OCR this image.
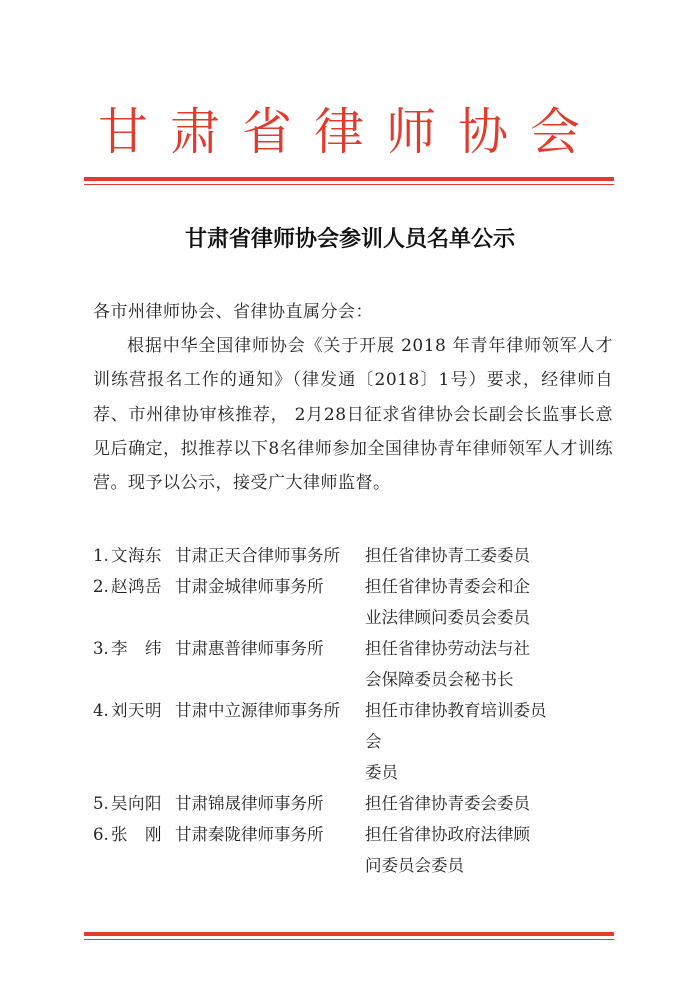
甘肃省律师协会
甘肃省律师协会参训人员名单公示
各市州律师协会、省律协直属分会：
根据中华全国律师协会《关于开展 2018 年青年律师领军人才训练营报名工作的通知》（律发通〔2018〕1号）要求，经律师自荐、市州律协审核推荐， 2月28日征求省律协会长副会长监事长意见后确定，拟推荐以下8名律师参加全国律协青年律师领军人才训练营。现予以公示，接受广大律师监督。
1. 文海东 甘肃正天合律师事务所	担任省律协青工委委员
2. 赵鸿岳 甘肃金城律师事务所	担任省律协青委会和企
业法律顾问委员会委员
3. 李　纬 甘肃惠普律师事务所	担任省律协劳动法与社
会保障委员会秘书长
4. 刘天明 甘肃中立源律师事务所	担任市律协教育培训委员会
委员
5. 吴向阳 甘肃锦晟律师事务所	担任省律协青委会委员
6. 张　刚 甘肃秦陇律师事务所	担任省律协政府法律顾
问委员会委员
